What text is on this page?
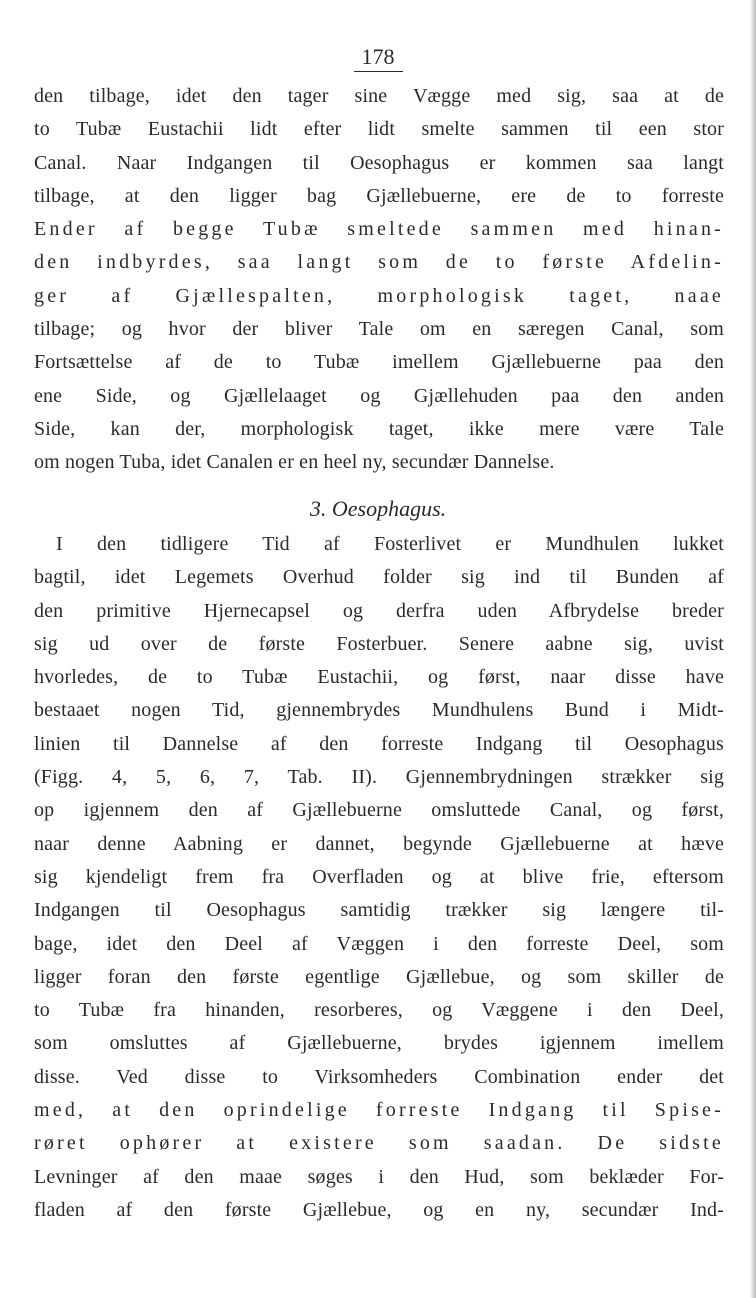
178
den tilbage, idet den tager sine Vægge med sig, saa at de
to Tubæ Eustachii lidt efter lidt smelte sammen til een stor
Canal. Naar Indgangen til Oesophagus er kommen saa langt
tilbage, at den ligger bag Gjællebuerne, ere de to forreste
Ender af begge Tubæ smeltede sammen med hinan-
den indbyrdes, saa langt som de to første Afdelin-
ger af Gjællespalten, morphologisk taget, naae
tilbage; og hvor der bliver Tale om en særegen Canal, som
Fortsættelse af de to Tubæ imellem Gjællebuerne paa den
ene Side, og Gjællelaaget og Gjællehuden paa den anden
Side, kan der, morphologisk taget, ikke mere være Tale
om nogen Tuba, idet Canalen er en heel ny, secundær Dannelse.
3. Oesophagus.
I den tidligere Tid af Fosterlivet er Mundhulen lukket
bagtil, idet Legemets Overhud folder sig ind til Bunden af
den primitive Hjernecapsel og derfra uden Afbrydelse breder
sig ud over de første Fosterbuer. Senere aabne sig, uvist
hvorledes, de to Tubæ Eustachii, og først, naar disse have
bestaaet nogen Tid, gjennembrydes Mundhulens Bund i Midt-
linien til Dannelse af den forreste Indgang til Oesophagus
(Figg. 4, 5, 6, 7, Tab. II). Gjennembrydningen strækker sig
op igjennem den af Gjællebuerne omsluttede Canal, og først,
naar denne Aabning er dannet, begynde Gjællebuerne at hæve
sig kjendeligt frem fra Overfladen og at blive frie, eftersom
Indgangen til Oesophagus samtidig trækker sig længere til-
bage, idet den Deel af Væggen i den forreste Deel, som
ligger foran den første egentlige Gjællebue, og som skiller de
to Tubæ fra hinanden, resorberes, og Væggene i den Deel,
som omsluttes af Gjællebuerne, brydes igjennem imellem
disse. Ved disse to Virksomheders Combination ender det
med, at den oprindelige forreste Indgang til Spise-
røret ophører at existere som saadan. De sidste
Levninger af den maae søges i den Hud, som beklæder For-
fladen af den første Gjællebue, og en ny, secundær Ind-
